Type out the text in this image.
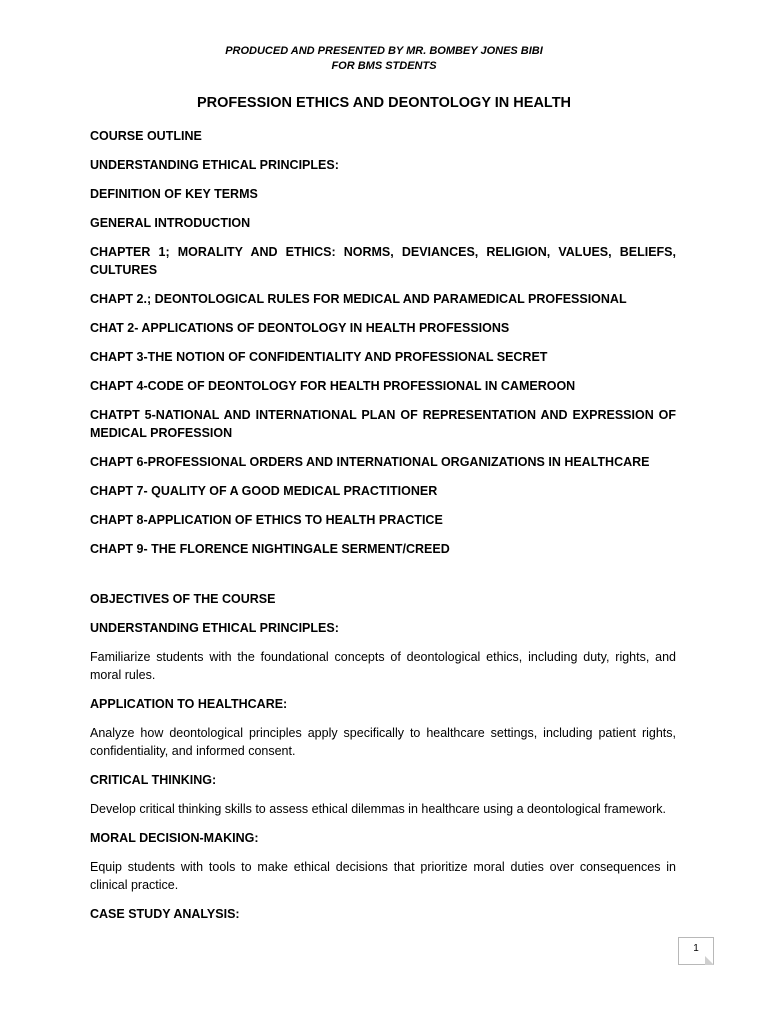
PRODUCED AND PRESENTED BY MR. BOMBEY JONES BIBI
FOR BMS STDENTS
PROFESSION ETHICS AND DEONTOLOGY IN HEALTH

COURSE OUTLINE

UNDERSTANDING ETHICAL PRINCIPLES:

DEFINITION OF KEY TERMS

GENERAL INTRODUCTION

CHAPTER 1; MORALITY AND ETHICS: NORMS, DEVIANCES, RELIGION, VALUES, BELIEFS, CULTURES

CHAPT 2.; DEONTOLOGICAL RULES FOR MEDICAL AND PARAMEDICAL PROFESSIONAL

CHAT 2- APPLICATIONS OF DEONTOLOGY IN HEALTH PROFESSIONS

CHAPT 3-THE NOTION OF CONFIDENTIALITY AND PROFESSIONAL SECRET

CHAPT 4-CODE OF DEONTOLOGY FOR HEALTH PROFESSIONAL IN CAMEROON

CHATPT 5-NATIONAL AND INTERNATIONAL PLAN OF REPRESENTATION AND EXPRESSION OF MEDICAL PROFESSION

CHAPT 6-PROFESSIONAL ORDERS AND INTERNATIONAL ORGANIZATIONS IN HEALTHCARE

CHAPT 7- QUALITY OF A GOOD MEDICAL PRACTITIONER

CHAPT 8-APPLICATION OF ETHICS TO HEALTH PRACTICE

CHAPT 9- THE FLORENCE NIGHTINGALE SERMENT/CREED

OBJECTIVES OF THE COURSE

UNDERSTANDING ETHICAL PRINCIPLES:

Familiarize students with the foundational concepts of deontological ethics, including duty, rights, and moral rules.

APPLICATION TO HEALTHCARE:

Analyze how deontological principles apply specifically to healthcare settings, including patient rights, confidentiality, and informed consent.

CRITICAL THINKING:

Develop critical thinking skills to assess ethical dilemmas in healthcare using a deontological framework.

MORAL DECISION-MAKING:

Equip students with tools to make ethical decisions that prioritize moral duties over consequences in clinical practice.

CASE STUDY ANALYSIS:

1
